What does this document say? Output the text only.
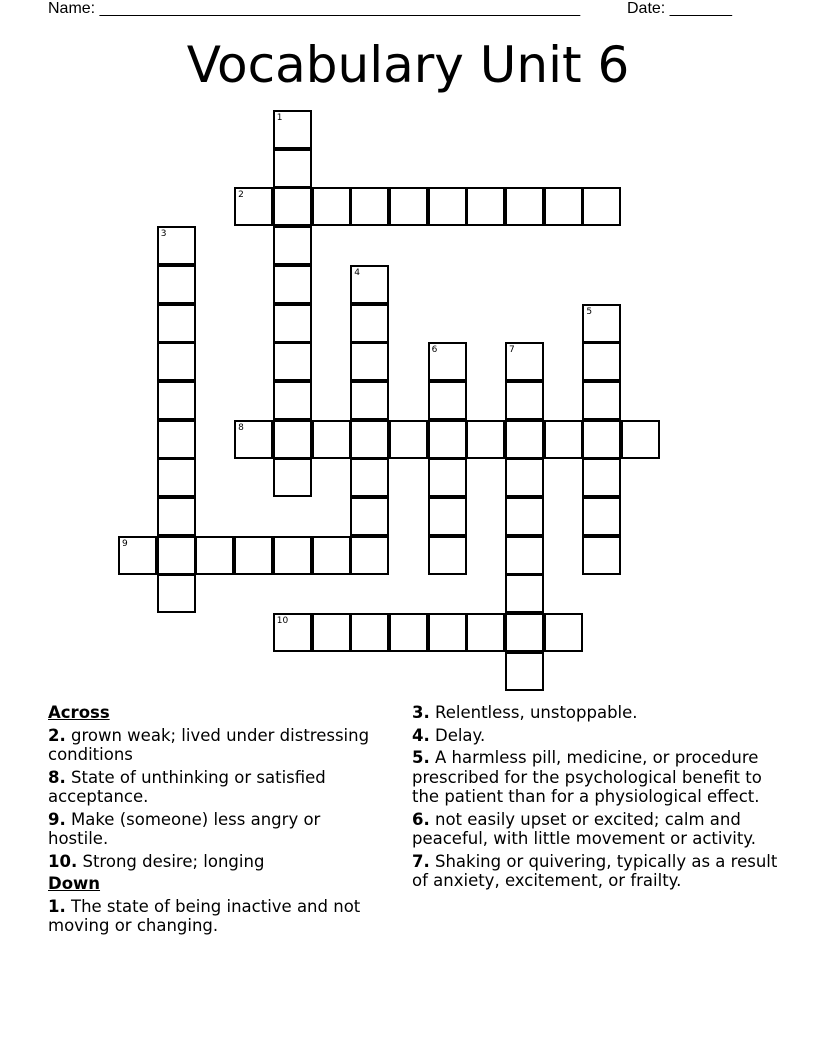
Name: ______________________________________________________	Date: _______
Vocabulary Unit 6
1
2
3
4
5
6	7
8
9
10
Across
2. grown weak; lived under distressing conditions
8. State of unthinking or satisfied acceptance.
9. Make (someone) less angry or hostile.
10. Strong desire; longing
Down
1. The state of being inactive and not moving or changing.
3. Relentless, unstoppable.
4. Delay.
5. A harmless pill, medicine, or procedure prescribed for the psychological benefit to the patient than for a physiological effect.
6. not easily upset or excited; calm and peaceful, with little movement or activity.
7. Shaking or quivering, typically as a result of anxiety, excitement, or frailty.
